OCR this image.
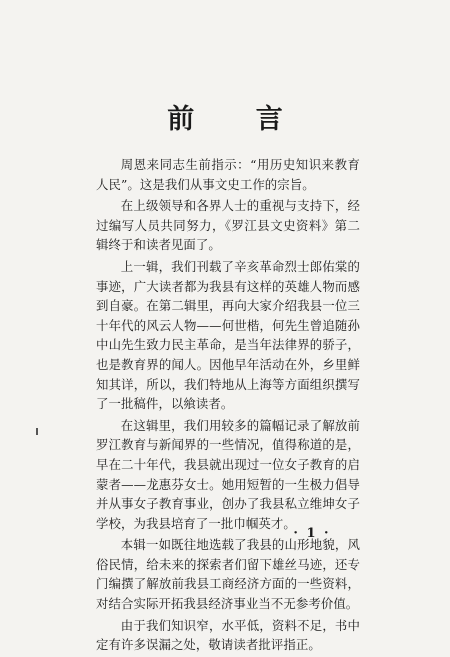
前 言

周恩来同志生前指示：“用历史知识来教育人民”。这是我们从事文史工作的宗旨。

在上级领导和各界人士的重视与支持下，经过编写人员共同努力，《罗江县文史资料》第二辑终于和读者见面了。

上一辑，我们刊载了辛亥革命烈士郎佑棠的事迹，广大读者都为我县有这样的英雄人物而感到自豪。在第二辑里，再向大家介绍我县一位三十年代的风云人物——何世楷，何先生曾追随孙中山先生致力民主革命，是当年法律界的骄子，也是教育界的闻人。因他早年活动在外，乡里鲜知其详，所以，我们特地从上海等方面组织撰写了一批稿件，以飨读者。

在这辑里，我们用较多的篇幅记录了解放前罗江教育与新闻界的一些情况，值得称道的是，早在二十年代，我县就出现过一位女子教育的启蒙者——龙惠芬女士。她用短暂的一生极力倡导并从事女子教育事业，创办了我县私立维坤女子学校，为我县培育了一批巾帼英才。

本辑一如既往地选载了我县的山形地貌，风俗民情，给未来的探索者们留下雄丝马迹，还专门编撰了解放前我县工商经济方面的一些资料，对结合实际开拓我县经济事业当不无参考价值。

由于我们知识窄，水平低，资料不足，书中定有许多误漏之处，敬请读者批评指正。

· 1 ·
